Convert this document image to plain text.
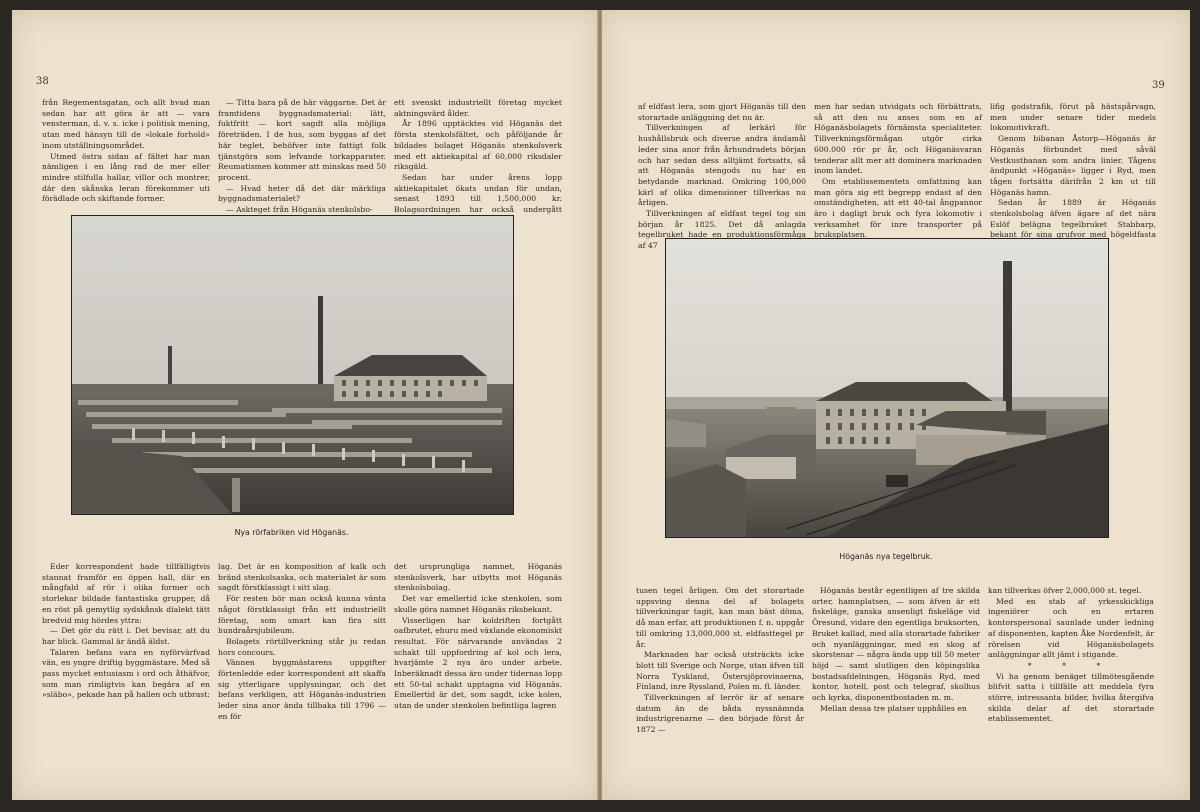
38

från Regementsgatan, och allt hvad man sedan har att göra är att — vara vensterman, d. v. s. icke i politisk mening, utan med hänsyn till de »lokale forhold» inom utställningsområdet.

Utmed östra sidan af fältet har man nämligen i en lång rad de mer eller mindre stilfulla hallar, villor och montrer, där den skånska leran förekommer uti förädlade och skiftande former.

— Titta bara på de här väggarne. Det är framtidens byggnadsmaterial: lätt, fuktfritt — kort sagdt alla möjliga företräden. I de hus, som byggas af det här teglet, behöfver inte fattigt folk tjänstgöra som lefvande torkapparater. Reumatismen kommer att minskas med 50 procent.

— Hvad heter då det där märkliga byggnadsmaterialet?

— Askteget från Höganäs stenkolsbo-

ett svenskt industriellt företag mycket aktningsvärd ålder.

År 1896 upptäcktes vid Höganäs det första stenkolsfältet, och påföljande år bildades bolaget Höganäs stenkolsverk med ett aktiekapital af 60,000 riksdaler riksgäld.

Sedan har under årens lopp aktiekapitalet ökats undan för undan, senast 1893 till 1,500,000 kr. Bolagsordningen har också undergått

Nya rörfabriken vid Höganäs.

Eder korrespondent hade tillfälligtvis stannat framför en öppen hall, där en mångfald af rör i olika former och storlekar bildade fantastiska grupper, då en röst på gemytlig sydskånsk dialekt tätt bredvid mig hördes yttra:

— Det gör du rätt i. Det bevisar, att du har blick. Gammal är ändå äldst.

Talaren befans vara en nyförvärfvad vän, en yngre driftig byggmästare. Med så pass mycket entusiasm i ord och åthäfvor, som man rimligtvis kan begära af en »släbo», pekade han på hallen och utbrast:

lag. Det är en komposition af kalk och bränd stenkolsaska, och materialet är som sagdt förstklassigt i sitt slag.

För resten bör man också kunna vänta något förstklassigt från ett industriellt företag, som smart kan fira sitt hundraårsjubileum.

Bolagets rörtillverkning står ju redan hors concours.

Vännen byggmästarens uppgifter förtenledde eder korrespondent att skaffa sig ytterligare upplysningar, och det befans verkligen, att Höganäs-industrien leder sina anor ända tillbaka till 1796 — en för

det ursprungliga namnet, Höganäs stenkolsverk, har utbytts mot Höganäs stenkolsbolag.

Det var emellertid icke stenkolen, som skulle göra namnet Höganäs riksbekant.

Visserligen har koldriften fortgått oafbrutet, ehuru med växlande ekonomiskt resultat. För närvarande användas 2 schakt till uppfordring af kol och lera, hvarjämte 2 nya äro under arbete. Inberäknadt dessa äro under tidernas lopp ett 50-tal schakt upptagna vid Höganäs. Emellertid är det, som sagdt, icke kolen, utan de under stenkolen befintliga lagren

39

af eldfast lera, som gjort Höganäs till den storartade anläggning det nu är.

Tillverkningen af lerkärl för hushållsbruk och diverse andra ändamål leder sina anor från århundradets början och har sedan dess alltjämt fortsatts, så att Höganäs stengods nu har en betydande marknad. Omkring 100,000 kärl af olika dimensioner tillverkas nu årligen.

Tillverkningen af eldfast tegel tog sin början år 1825. Det då anlagda tegelbruket hade en produktionsförmåga af 47

men har sedan utvidgats och förbättrats, så att den nu anses som en af Höganäsbolagets förnämsta specialiteter. Tillverkningsförmågan utgör cirka 600.000 rör pr år, och Höganäsvaran tenderar allt mer att dominera marknaden inom landet.

Om etablissementets omfattning kan man göra sig ett begrepp endast af den omständigheten, att ett 40-tal ångpannor äro i dagligt bruk och fyra lokomotiv i verksamhet för inre transporter på bruksplatsen.

lifig godstrafik, förut på hästspårvagn, men under senare tider medels lokomotivkraft.

Genom bibanan Åstorp—Höganäs är Höganäs förbundet med såväl Vestkustbanan som andra linier. Tågens ändpunkt »Höganäs» ligger i Ryd, men tågen fortsätta därifrån 2 km ut till Höganäs hamn.

Sedan år 1889 är Höganäs stenkolsbolag äfven ägare af det nära Eslöf belägna tegelbruket Stabbarp, bekant för sina grufvor med högeldfasta

Höganäs nya tegelbruk.

tusen tegel årligen. Om det storartade uppsving denna del af bolagets tillverkningar tagit, kan man bäst döma, då man erfar, att produktionen f. n. uppgår till omkring 13,000,000 st. eldfasttegel pr år.

Marknaden har också utsträckts icke blott till Sverige och Norge, utan äfven till Norra Tyskland, Östersjöprovinserna, Finland, inre Ryssland, Polen m. fl. länder.

Tillverkningen af lerrör är af senare datum än de båda nyssnämnda industrigrenarne — den började först år 1872 —

Höganäs består egentligen af tre skilda orter, hamnplatsen, — som äfven är ett fiskeläge, ganska ansenligt fiskeläge vid Öresund, vidare den egentliga bruksorten, Bruket kallad, med alla storartade fabriker och nyanläggningar, med en skog af skorstenar — några ända upp till 50 meter höjd — samt slutligen den köpingslika bostadsafdelningen, Höganäs Ryd, med kontor, hotell, post och telegraf, skolhus och kyrka, disponentbostaden m. m.

Mellan dessa tre platser upphålles en

kan tillverkas öfver 2,000,000 st. tegel.

Med en stab af yrkesskickliga ingeniörer och en ertaren kontorspersonal saunlade under ledning af disponenten, kapten Åke Nordenfelt, är rörelsen vid Höganäsbolagets anläggningar allt jämt i stigande.

* * *

Vi ha genom benäget tillmötesgående blifvit satta i tillfälle att meddela fyra större, intressanta bilder, hvilka återgifva skilda delar af det storartade etablissementet.
